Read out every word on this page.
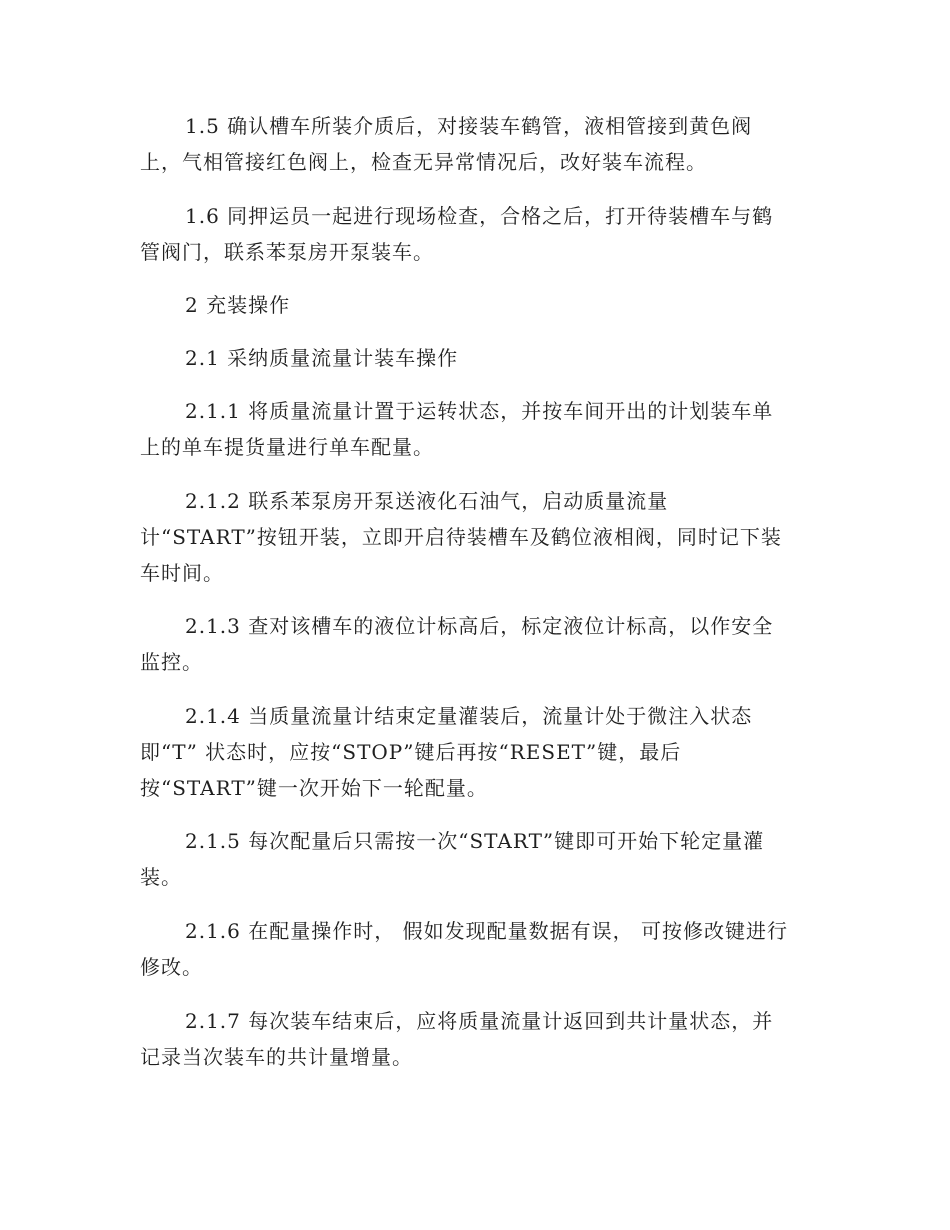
1.5 确认槽车所装介质后，对接装车鹤管，液相管接到黄色阀
上，气相管接红色阀上，检查无异常情况后，改好装车流程。
1.6 同押运员一起进行现场检查，合格之后，打开待装槽车与鹤
管阀门，联系苯泵房开泵装车。
2 充装操作
2.1 采纳质量流量计装车操作
2.1.1 将质量流量计置于运转状态，并按车间开出的计划装车单
上的单车提货量进行单车配量。
2.1.2 联系苯泵房开泵送液化石油气，启动质量流量
计“START”按钮开装，立即开启待装槽车及鹤位液相阀，同时记下装
车时间。
2.1.3 查对该槽车的液位计标高后，标定液位计标高，以作安全
监控。
2.1.4 当质量流量计结束定量灌装后，流量计处于微注入状态
即“T” 状态时，应按“STOP”键后再按“RESET”键，最后
按“START”键一次开始下一轮配量。
2.1.5 每次配量后只需按一次“START”键即可开始下轮定量灌
装。
2.1.6 在配量操作时， 假如发现配量数据有误， 可按修改键进行
修改。
2.1.7 每次装车结束后，应将质量流量计返回到共计量状态，并
记录当次装车的共计量增量。
